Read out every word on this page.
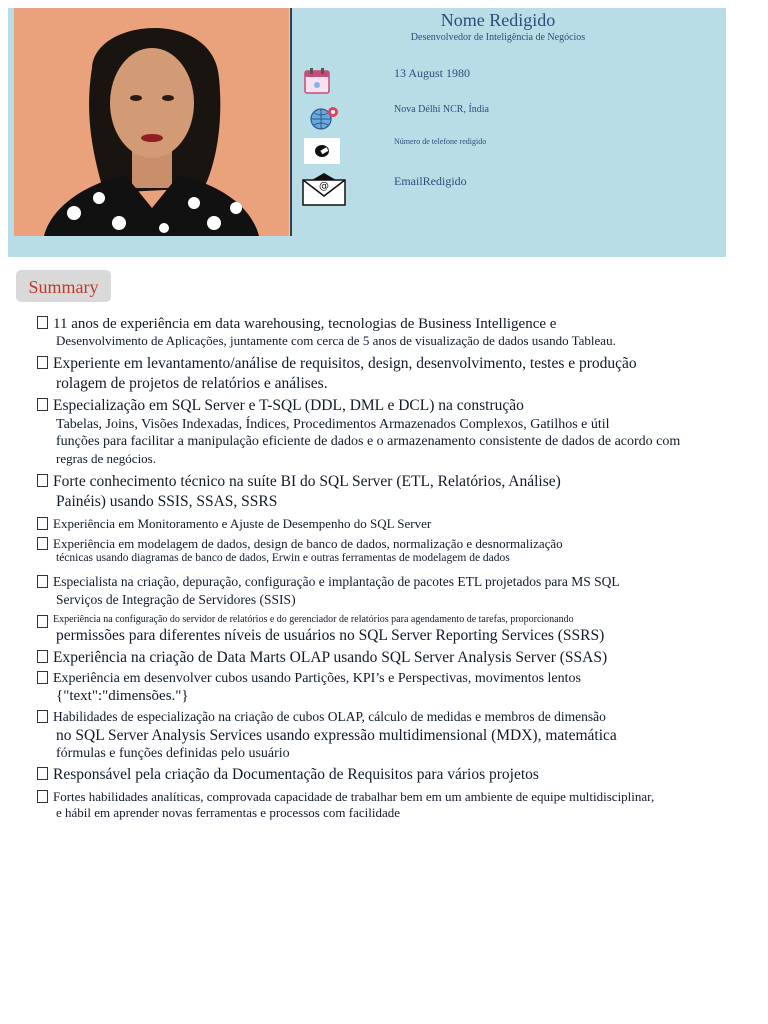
Nome Redigido
Desenvolvedor de Inteligência de Negócios
13 August 1980
Nova Délhi NCR, Índia
Número de telefone redigido
@	EmailRedigido
Summary
11 anos de experiência em data warehousing, tecnologias de Business Intelligence e
Desenvolvimento de Aplicações, juntamente com cerca de 5 anos de visualização de dados usando Tableau.
Experiente em levantamento/análise de requisitos, design, desenvolvimento, testes e produção
rolagem de projetos de relatórios e análises.
Especialização em SQL Server e T-SQL (DDL, DML e DCL) na construção
Tabelas, Joins, Visões Indexadas, Índices, Procedimentos Armazenados Complexos, Gatilhos e útil
funções para facilitar a manipulação eficiente de dados e o armazenamento consistente de dados de acordo com
regras de negócios.
Forte conhecimento técnico na suíte BI do SQL Server (ETL, Relatórios, Análise)
Painéis) usando SSIS, SSAS, SSRS
Experiência em Monitoramento e Ajuste de Desempenho do SQL Server
Experiência em modelagem de dados, design de banco de dados, normalização e desnormalização
técnicas usando diagramas de banco de dados, Erwin e outras ferramentas de modelagem de dados
Especialista na criação, depuração, configuração e implantação de pacotes ETL projetados para MS SQL
Serviços de Integração de Servidores (SSIS)
Experiência na configuração do servidor de relatórios e do gerenciador de relatórios para agendamento de tarefas, proporcionando
permissões para diferentes níveis de usuários no SQL Server Reporting Services (SSRS)
Experiência na criação de Data Marts OLAP usando SQL Server Analysis Server (SSAS)
Experiência em desenvolver cubos usando Partições, KPI’s e Perspectivas, movimentos lentos
{"text":"dimensões."}
Habilidades de especialização na criação de cubos OLAP, cálculo de medidas e membros de dimensão
no SQL Server Analysis Services usando expressão multidimensional (MDX), matemática
fórmulas e funções definidas pelo usuário
Responsável pela criação da Documentação de Requisitos para vários projetos
Fortes habilidades analíticas, comprovada capacidade de trabalhar bem em um ambiente de equipe multidisciplinar,
e hábil em aprender novas ferramentas e processos com facilidade
